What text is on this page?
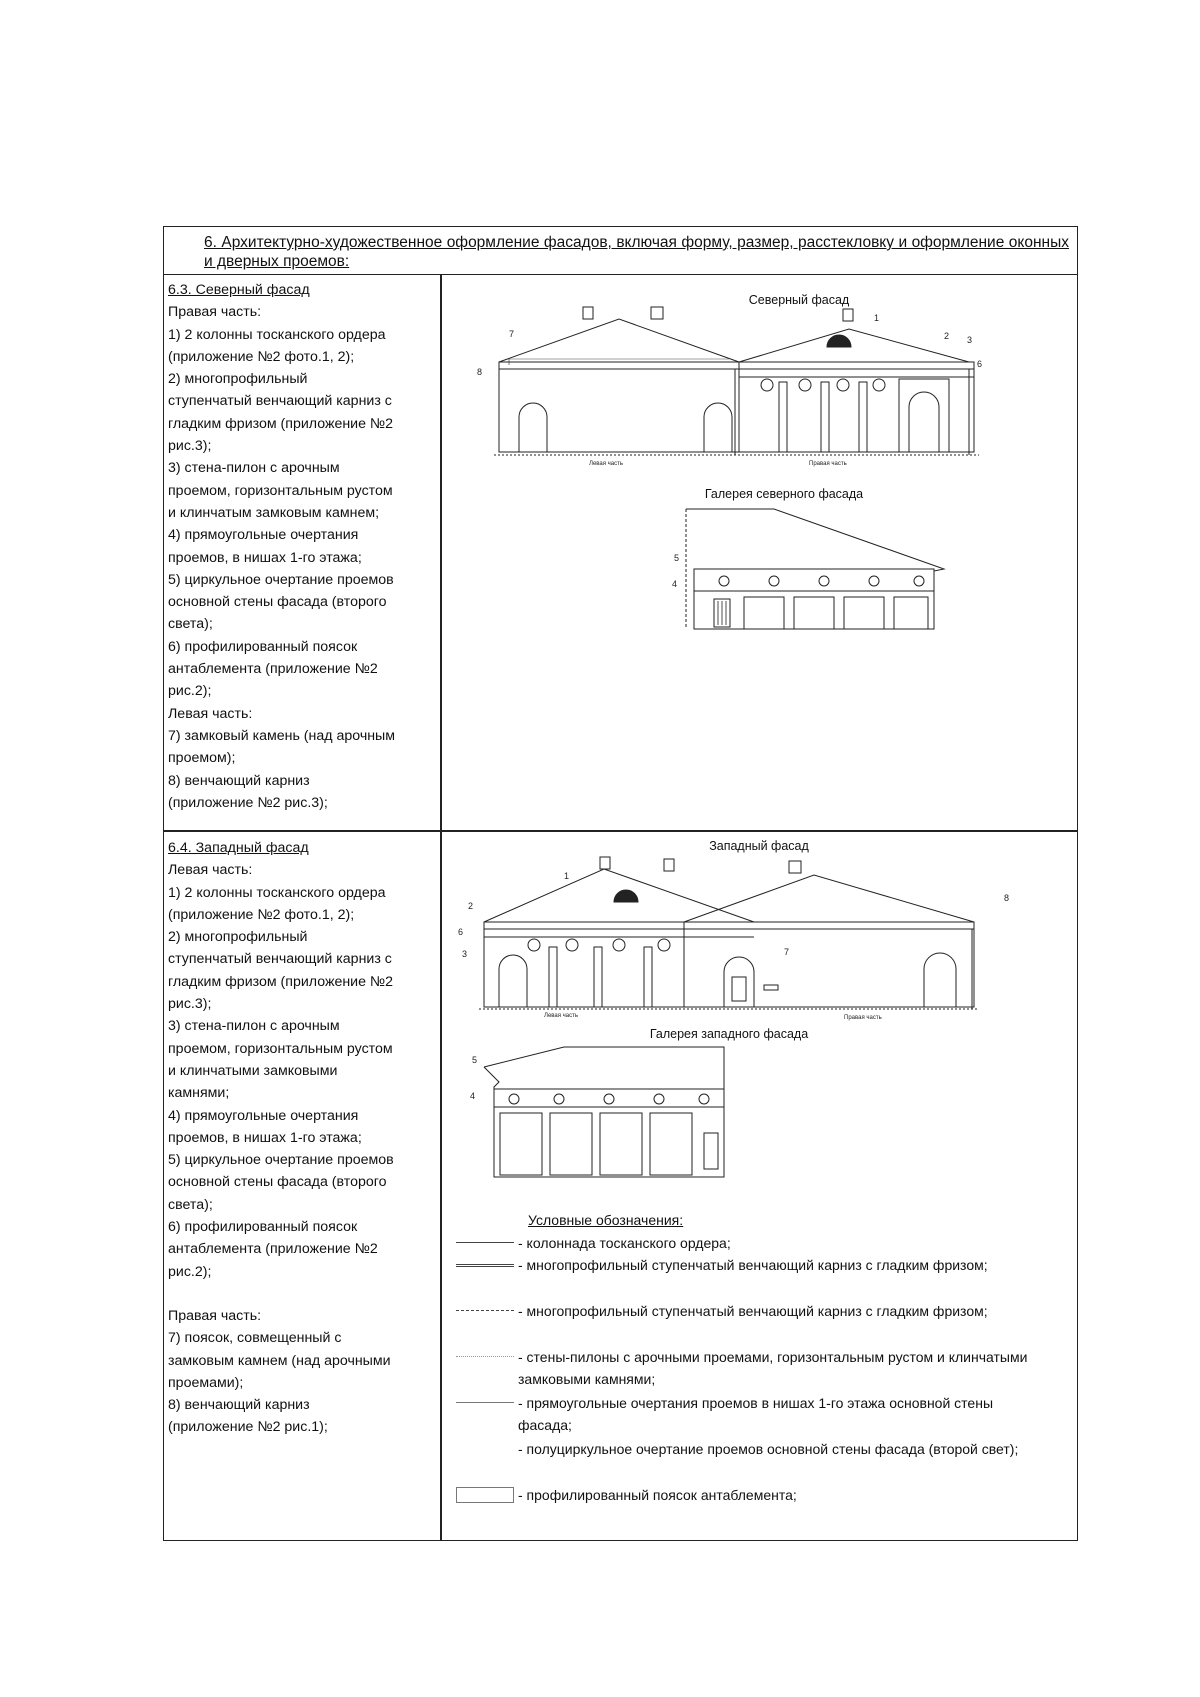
6. Архитектурно-художественное оформление фасадов, включая форму, размер, расстекловку и оформление оконных и дверных проемов:
6.3. Северный фасад
Правая часть:
1) 2 колонны тосканского ордера
(приложение №2 фото.1, 2);
2) многопрофильный
ступенчатый венчающий карниз с
гладким фризом (приложение №2
рис.3);
3) стена-пилон с арочным
проемом, горизонтальным рустом
и клинчатым замковым камнем;
4) прямоугольные очертания
проемов, в нишах 1-го этажа;
5) циркульное очертание проемов
основной стены фасада (второго
света);
6) профилированный поясок
антаблемента (приложение №2
рис.2);
Левая часть:
7) замковый камень (над арочным
проемом);
8) венчающий карниз
(приложение №2 рис.3);
6.4. Западный фасад
Левая часть:
1) 2 колонны тосканского ордера
(приложение №2 фото.1, 2);
2) многопрофильный
ступенчатый венчающий карниз с
гладким фризом (приложение №2
рис.3);
3) стена-пилон с арочным
проемом, горизонтальным рустом
и клинчатыми замковыми
камнями;
4) прямоугольные очертания
проемов, в нишах 1-го этажа;
5) циркульное очертание проемов
основной стены фасада (второго
света);
6) профилированный поясок
антаблемента (приложение №2
рис.2);
Правая часть:
7) поясок, совмещенный с
замковым камнем (над арочными
проемами);
8) венчающий карниз
(приложение №2 рис.1);
Северный фасад
1
2 3
6
7
8
Левая часть	Правая часть
Галерея северного фасада
5
4
Западный фасад
1
2
6
3	7
8
Левая часть	Правая часть
Галерея западного фасада
5
4
Условные обозначения:
- колоннада тосканского ордера;
- многопрофильный ступенчатый венчающий карниз с гладким фризом;
- многопрофильный ступенчатый венчающий карниз с гладким фризом;
- стены-пилоны с арочными проемами, горизонтальным рустом и клинчатыми замковыми камнями;
- прямоугольные очертания проемов в нишах 1-го этажа основной стены фасада;
- полуциркульное очертание проемов основной стены фасада (второй свет);
- профилированный поясок антаблемента;
